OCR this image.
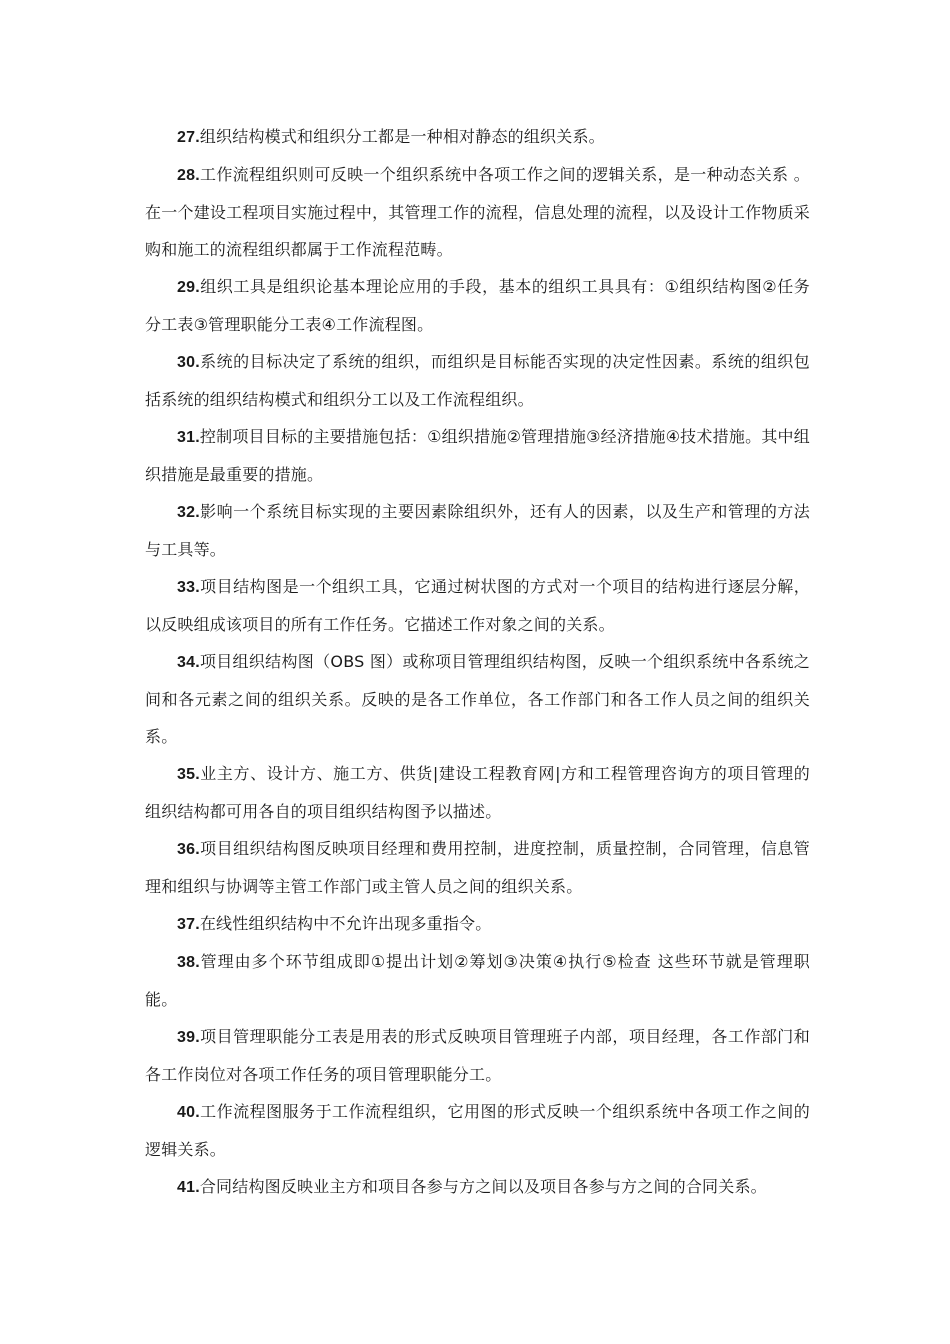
27.组织结构模式和组织分工都是一种相对静态的组织关系。

28.工作流程组织则可反映一个组织系统中各项工作之间的逻辑关系，是一种动态关系 。在一个建设工程项目实施过程中，其管理工作的流程，信息处理的流程，以及设计工作物质采购和施工的流程组织都属于工作流程范畴。

29.组织工具是组织论基本理论应用的手段，基本的组织工具具有：①组织结构图②任务分工表③管理职能分工表④工作流程图。

30.系统的目标决定了系统的组织，而组织是目标能否实现的决定性因素。系统的组织包括系统的组织结构模式和组织分工以及工作流程组织。

31.控制项目目标的主要措施包括：①组织措施②管理措施③经济措施④技术措施。其中组织措施是最重要的措施。

32.影响一个系统目标实现的主要因素除组织外，还有人的因素，以及生产和管理的方法与工具等。

33.项目结构图是一个组织工具，它通过树状图的方式对一个项目的结构进行逐层分解，以反映组成该项目的所有工作任务。它描述工作对象之间的关系。

34.项目组织结构图（OBS 图）或称项目管理组织结构图，反映一个组织系统中各系统之间和各元素之间的组织关系。反映的是各工作单位，各工作部门和各工作人员之间的组织关系。

35.业主方、设计方、施工方、供货|建设工程教育网|方和工程管理咨询方的项目管理的组织结构都可用各自的项目组织结构图予以描述。

36.项目组织结构图反映项目经理和费用控制，进度控制，质量控制，合同管理，信息管理和组织与协调等主管工作部门或主管人员之间的组织关系。

37.在线性组织结构中不允许出现多重指令。

38.管理由多个环节组成即①提出计划②筹划③决策④执行⑤检查 这些环节就是管理职能。

39.项目管理职能分工表是用表的形式反映项目管理班子内部，项目经理，各工作部门和各工作岗位对各项工作任务的项目管理职能分工。

40.工作流程图服务于工作流程组织，它用图的形式反映一个组织系统中各项工作之间的逻辑关系。

41.合同结构图反映业主方和项目各参与方之间以及项目各参与方之间的合同关系。
